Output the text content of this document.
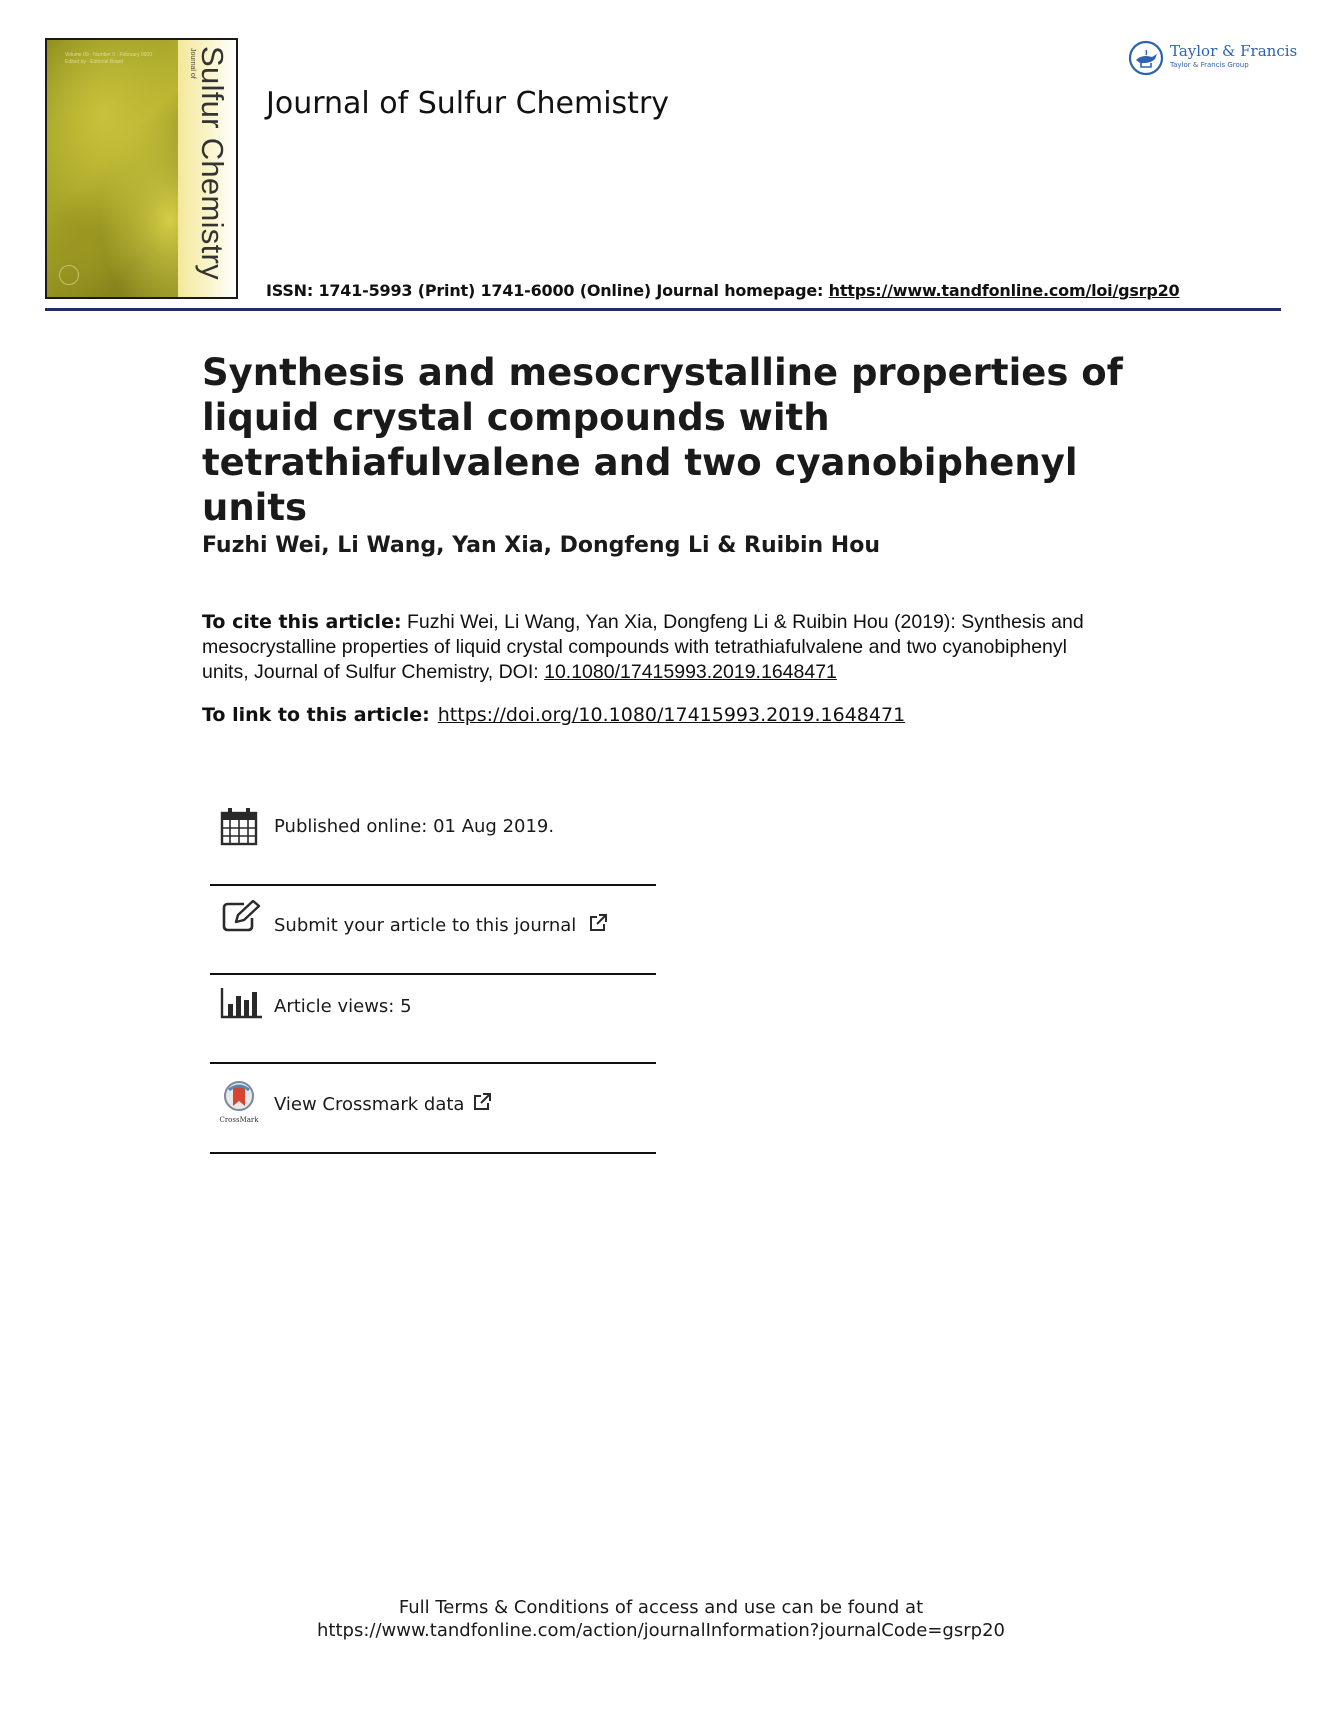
Volume 00 · Number 0 · February 0000 · Edited by · Editorial Board	Journal of Sulfur Chemistry Journal of Sulfur Chemistry
ISSN: 1741-5993 (Print) 1741-6000 (Online) Journal homepage: https://www.tandfonline.com/loi/gsrp20
Taylor & Francis
Taylor & Francis Group
Synthesis and mesocrystalline properties of liquid crystal compounds with tetrathiafulvalene and two cyanobiphenyl units
Fuzhi Wei, Li Wang, Yan Xia, Dongfeng Li & Ruibin Hou
To cite this article: Fuzhi Wei, Li Wang, Yan Xia, Dongfeng Li & Ruibin Hou (2019): Synthesis and mesocrystalline properties of liquid crystal compounds with tetrathiafulvalene and two cyanobiphenyl units, Journal of Sulfur Chemistry, DOI: 10.1080/17415993.2019.1648471
To link to this article: https://doi.org/10.1080/17415993.2019.1648471
Published online: 01 Aug 2019.
Submit your article to this journal
Article views: 5
CrossMark
View Crossmark data
Full Terms & Conditions of access and use can be found at
https://www.tandfonline.com/action/journalInformation?journalCode=gsrp20
